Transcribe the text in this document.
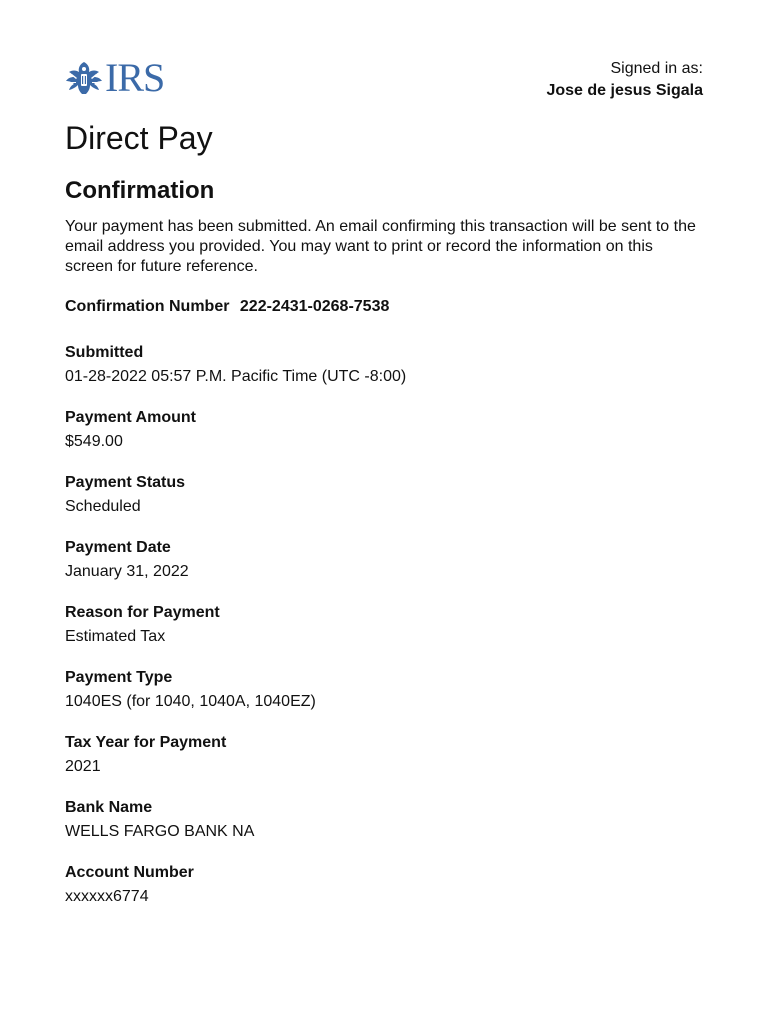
IRS	Signed in as:
Jose de jesus Sigala
Direct Pay
Confirmation

Your payment has been submitted. An email confirming this transaction will be sent to the email address you provided. You may want to print or record the information on this screen for future reference.

Confirmation Number 222-2431-0268-7538
Submitted
01-28-2022 05:57 P.M. Pacific Time (UTC -8:00)
Payment Amount
$549.00
Payment Status
Scheduled
Payment Date
January 31, 2022
Reason for Payment
Estimated Tax
Payment Type
1040ES (for 1040, 1040A, 1040EZ)
Tax Year for Payment
2021
Bank Name
WELLS FARGO BANK NA
Account Number
xxxxxx6774
